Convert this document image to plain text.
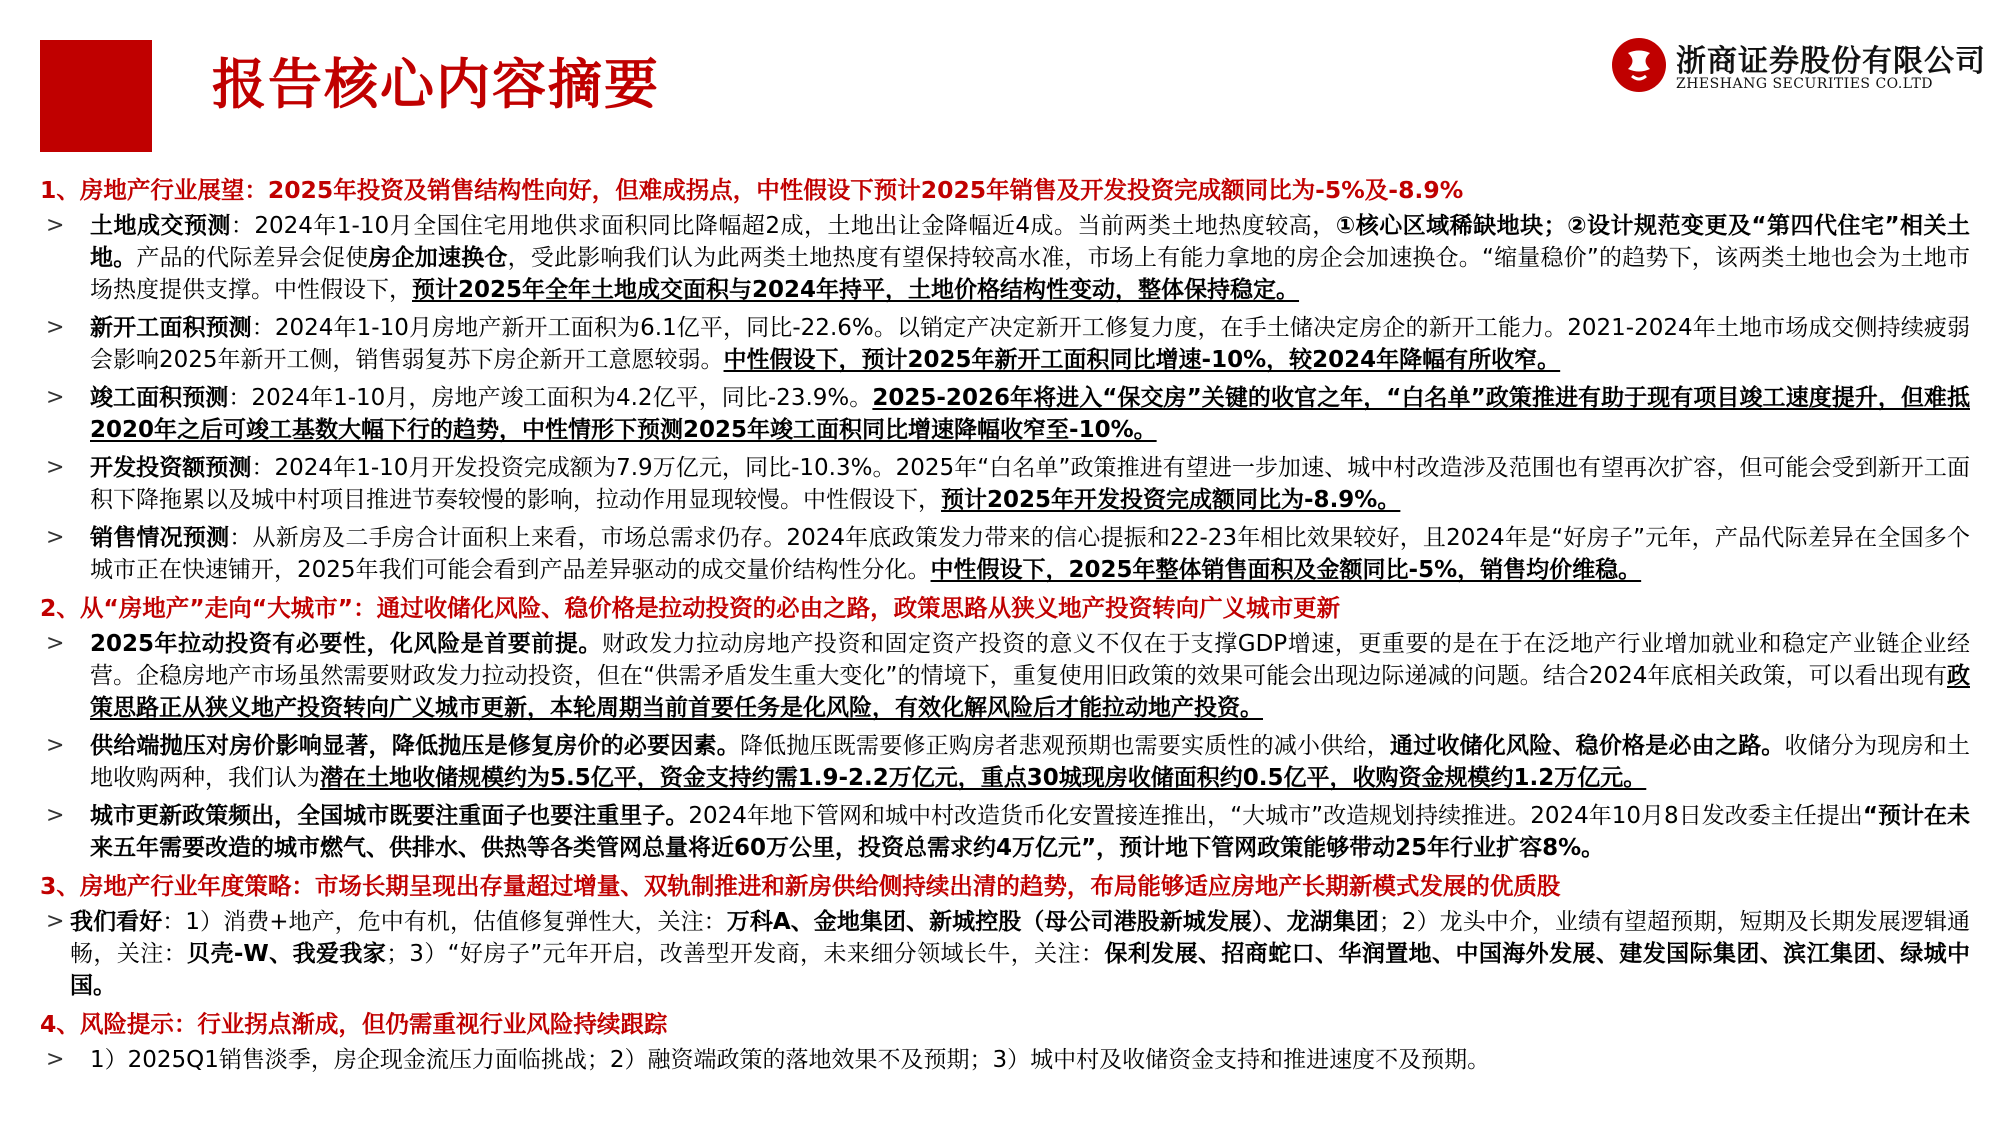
报告核心内容摘要	浙商证券股份有限公司
ZHESHANG SECURITIES CO.LTD
1、房地产行业展望：2025年投资及销售结构性向好，但难成拐点，中性假设下预计2025年销售及开发投资完成额同比为-5%及-8.9%
> 土地成交预测：2024年1-10月全国住宅用地供求面积同比降幅超2成，土地出让金降幅近4成。当前两类土地热度较高，①核心区域稀缺地块；②设计规范变更及“第四代住宅”相关土地。产品的代际差异会促使房企加速换仓，受此影响我们认为此两类土地热度有望保持较高水准，市场上有能力拿地的房企会加速换仓。“缩量稳价”的趋势下，该两类土地也会为土地市场热度提供支撑。中性假设下，预计2025年全年土地成交面积与2024年持平，土地价格结构性变动，整体保持稳定。
> 新开工面积预测：2024年1-10月房地产新开工面积为6.1亿平，同比-22.6%。以销定产决定新开工修复力度，在手土储决定房企的新开工能力。2021-2024年土地市场成交侧持续疲弱会影响2025年新开工侧，销售弱复苏下房企新开工意愿较弱。中性假设下，预计2025年新开工面积同比增速-10%，较2024年降幅有所收窄。
> 竣工面积预测：2024年1-10月，房地产竣工面积为4.2亿平，同比-23.9%。2025-2026年将进入“保交房”关键的收官之年，“白名单”政策推进有助于现有项目竣工速度提升，但难抵2020年之后可竣工基数大幅下行的趋势，中性情形下预测2025年竣工面积同比增速降幅收窄至-10%。
> 开发投资额预测：2024年1-10月开发投资完成额为7.9万亿元，同比-10.3%。2025年“白名单”政策推进有望进一步加速、城中村改造涉及范围也有望再次扩容，但可能会受到新开工面积下降拖累以及城中村项目推进节奏较慢的影响，拉动作用显现较慢。中性假设下，预计2025年开发投资完成额同比为-8.9%。
> 销售情况预测：从新房及二手房合计面积上来看，市场总需求仍存。2024年底政策发力带来的信心提振和22-23年相比效果较好，且2024年是“好房子”元年，产品代际差异在全国多个城市正在快速铺开，2025年我们可能会看到产品差异驱动的成交量价结构性分化。中性假设下，2025年整体销售面积及金额同比-5%，销售均价维稳。
2、从“房地产”走向“大城市”：通过收储化风险、稳价格是拉动投资的必由之路，政策思路从狭义地产投资转向广义城市更新
> 2025年拉动投资有必要性，化风险是首要前提。财政发力拉动房地产投资和固定资产投资的意义不仅在于支撑GDP增速，更重要的是在于在泛地产行业增加就业和稳定产业链企业经营。企稳房地产市场虽然需要财政发力拉动投资，但在“供需矛盾发生重大变化”的情境下，重复使用旧政策的效果可能会出现边际递减的问题。结合2024年底相关政策，可以看出现有政策思路正从狭义地产投资转向广义城市更新，本轮周期当前首要任务是化风险，有效化解风险后才能拉动地产投资。
> 供给端抛压对房价影响显著，降低抛压是修复房价的必要因素。降低抛压既需要修正购房者悲观预期也需要实质性的减小供给，通过收储化风险、稳价格是必由之路。收储分为现房和土地收购两种，我们认为潜在土地收储规模约为5.5亿平，资金支持约需1.9-2.2万亿元，重点30城现房收储面积约0.5亿平，收购资金规模约1.2万亿元。
> 城市更新政策频出，全国城市既要注重面子也要注重里子。2024年地下管网和城中村改造货币化安置接连推出，“大城市”改造规划持续推进。2024年10月8日发改委主任提出“预计在未来五年需要改造的城市燃气、供排水、供热等各类管网总量将近60万公里，投资总需求约4万亿元”，预计地下管网政策能够带动25年行业扩容8%。
3、房地产行业年度策略：市场长期呈现出存量超过增量、双轨制推进和新房供给侧持续出清的趋势，布局能够适应房地产长期新模式发展的优质股
> 我们看好：1）消费+地产，危中有机，估值修复弹性大，关注：万科A、金地集团、新城控股（母公司港股新城发展）、龙湖集团；2）龙头中介，业绩有望超预期，短期及长期发展逻辑通畅，关注：贝壳-W、我爱我家；3）“好房子”元年开启，改善型开发商，未来细分领域长牛，关注：保利发展、招商蛇口、华润置地、中国海外发展、建发国际集团、滨江集团、绿城中国。
4、风险提示：行业拐点渐成，但仍需重视行业风险持续跟踪
> 1）2025Q1销售淡季，房企现金流压力面临挑战；2）融资端政策的落地效果不及预期；3）城中村及收储资金支持和推进速度不及预期。
